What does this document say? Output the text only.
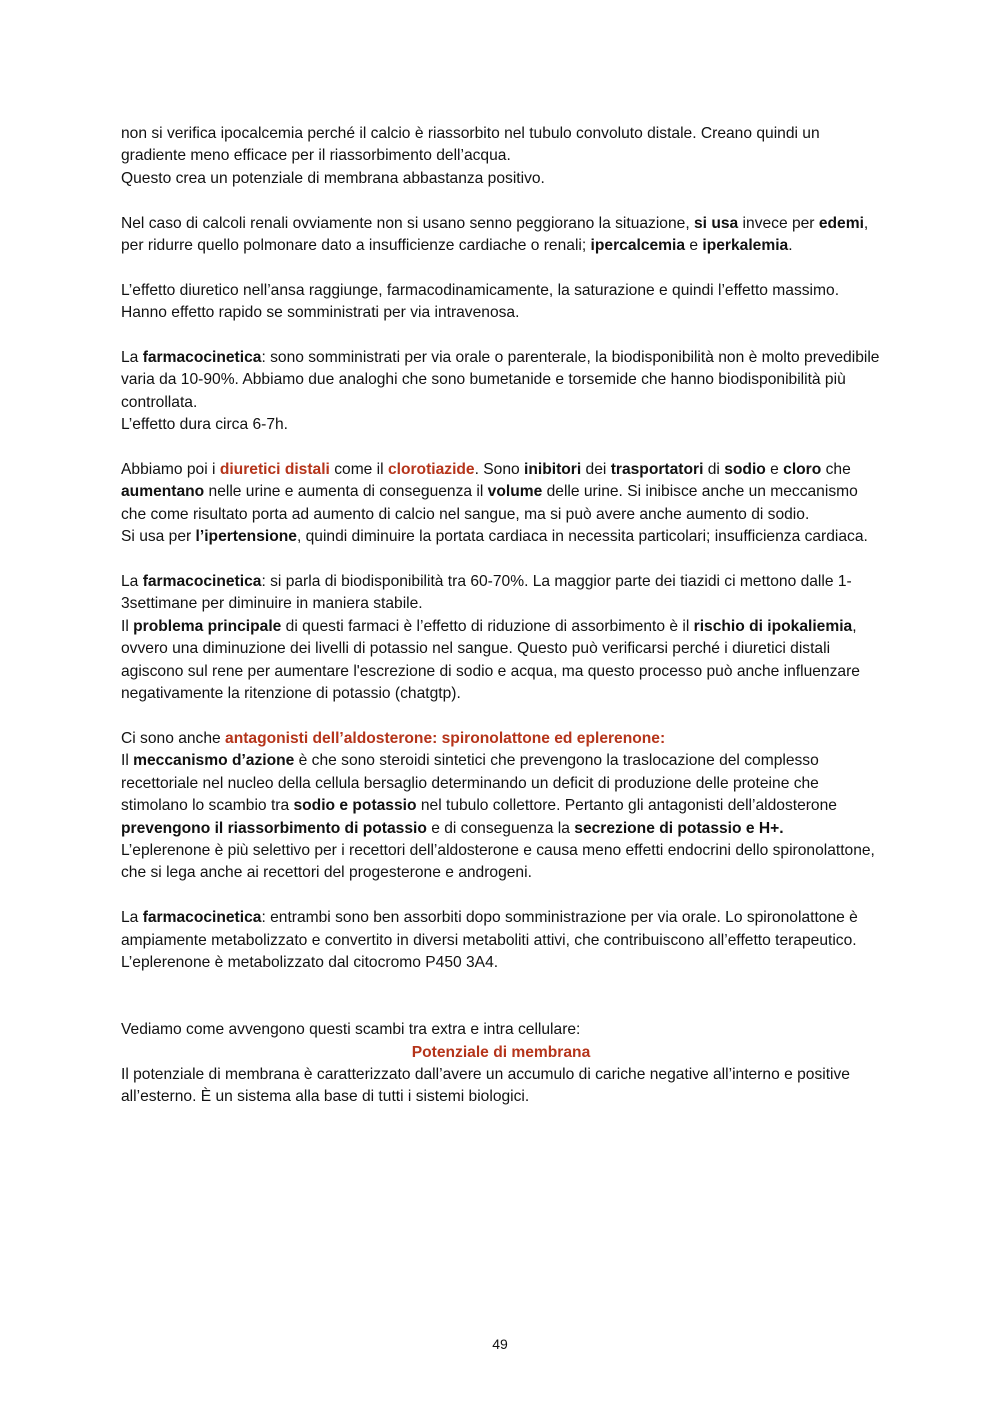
non si verifica ipocalcemia perché il calcio è riassorbito nel tubulo convoluto distale. Creano quindi un gradiente meno efficace per il riassorbimento dell’acqua.
Questo crea un potenziale di membrana abbastanza positivo.

Nel caso di calcoli renali ovviamente non si usano senno peggiorano la situazione, si usa invece per edemi, per ridurre quello polmonare dato a insufficienze cardiache o renali; ipercalcemia e iperkalemia.

L’effetto diuretico nell’ansa raggiunge, farmacodinamicamente, la saturazione e quindi l’effetto massimo. Hanno effetto rapido se somministrati per via intravenosa.

La farmacocinetica: sono somministrati per via orale o parenterale, la biodisponibilità non è molto prevedibile varia da 10-90%. Abbiamo due analoghi che sono bumetanide e torsemide che hanno biodisponibilità più controllata.
L’effetto dura circa 6-7h.

Abbiamo poi i diuretici distali come il clorotiazide. Sono inibitori dei trasportatori di sodio e cloro che aumentano nelle urine e aumenta di conseguenza il volume delle urine. Si inibisce anche un meccanismo che come risultato porta ad aumento di calcio nel sangue, ma si può avere anche aumento di sodio.
Si usa per l’ipertensione, quindi diminuire la portata cardiaca in necessita particolari; insufficienza cardiaca.

La farmacocinetica: si parla di biodisponibilità tra 60-70%. La maggior parte dei tiazidi ci mettono dalle 1-3settimane per diminuire in maniera stabile.
Il problema principale di questi farmaci è l’effetto di riduzione di assorbimento è il rischio di ipokaliemia, ovvero una diminuzione dei livelli di potassio nel sangue. Questo può verificarsi perché i diuretici distali agiscono sul rene per aumentare l'escrezione di sodio e acqua, ma questo processo può anche influenzare negativamente la ritenzione di potassio (chatgtp).

Ci sono anche antagonisti dell’aldosterone: spironolattone ed eplerenone:
Il meccanismo d’azione è che sono steroidi sintetici che prevengono la traslocazione del complesso recettoriale nel nucleo della cellula bersaglio determinando un deficit di produzione delle proteine che stimolano lo scambio tra sodio e potassio nel tubulo collettore. Pertanto gli antagonisti dell’aldosterone prevengono il riassorbimento di potassio e di conseguenza la secrezione di potassio e H+.
L’eplerenone è più selettivo per i recettori dell’aldosterone e causa meno effetti endocrini dello spironolattone, che si lega anche ai recettori del progesterone e androgeni.

La farmacocinetica: entrambi sono ben assorbiti dopo somministrazione per via orale. Lo spironolattone è ampiamente metabolizzato e convertito in diversi metaboliti attivi, che contribuiscono all’effetto terapeutico. L’eplerenone è metabolizzato dal citocromo P450 3A4.

Vediamo come avvengono questi scambi tra extra e intra cellulare:
Potenziale di membrana
Il potenziale di membrana è caratterizzato dall’avere un accumulo di cariche negative all’interno e positive all’esterno. È un sistema alla base di tutti i sistemi biologici.
49
